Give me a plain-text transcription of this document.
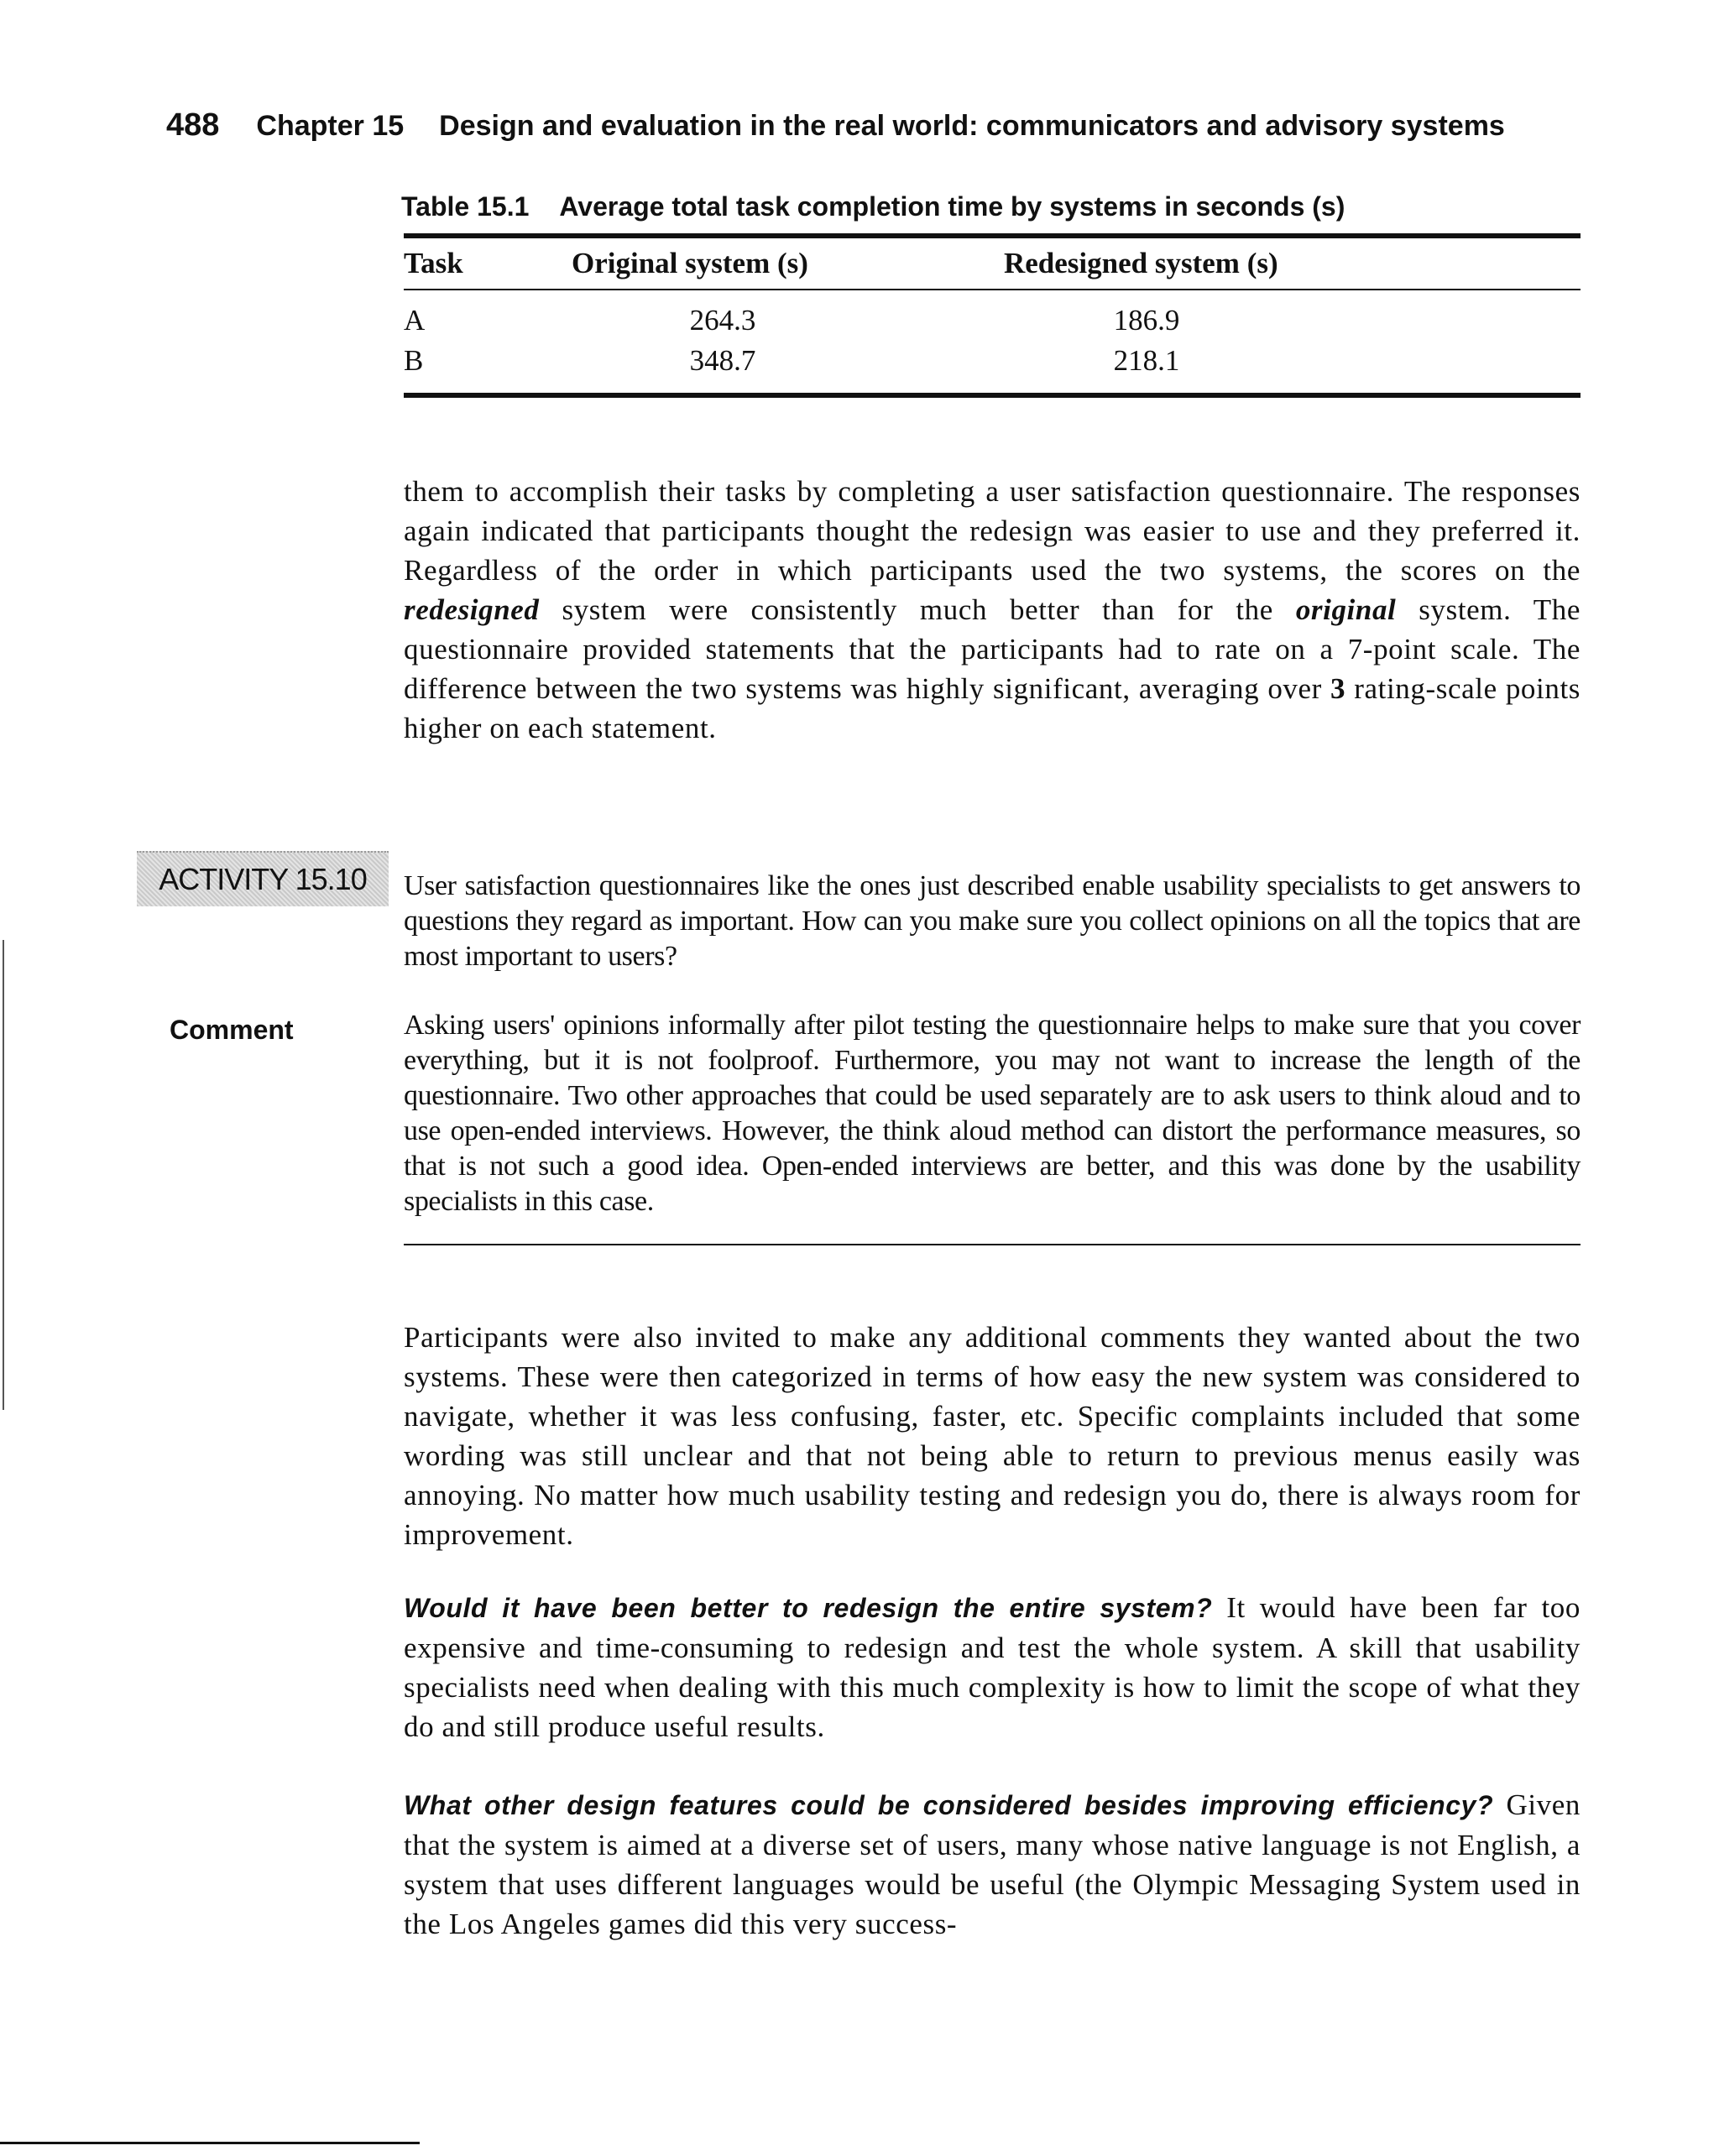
488 Chapter 15 Design and evaluation in the real world: communicators and advisory systems
Table 15.1 Average total task completion time by systems in seconds (s)
Task	Original system (s)	Redesigned system (s)
A	264.3	186.9
B	348.7	218.1
them to accomplish their tasks by completing a user satisfaction questionnaire. The responses again indicated that participants thought the redesign was easier to use and they preferred it. Regardless of the order in which participants used the two systems, the scores on the redesigned system were consistently much better than for the original system. The questionnaire provided statements that the participants had to rate on a 7-point scale. The difference between the two systems was highly significant, averaging over 3 rating-scale points higher on each statement.
ACTIVITY 15.10	User satisfaction questionnaires like the ones just described enable usability specialists to get answers to questions they regard as important. How can you make sure you collect opinions on all the topics that are most important to users?
Comment	Asking users' opinions informally after pilot testing the questionnaire helps to make sure that you cover everything, but it is not foolproof. Furthermore, you may not want to increase the length of the questionnaire. Two other approaches that could be used separately are to ask users to think aloud and to use open-ended interviews. However, the think aloud method can distort the performance measures, so that is not such a good idea. Open-ended interviews are better, and this was done by the usability specialists in this case.
Participants were also invited to make any additional comments they wanted about the two systems. These were then categorized in terms of how easy the new system was considered to navigate, whether it was less confusing, faster, etc. Specific complaints included that some wording was still unclear and that not being able to return to previous menus easily was annoying. No matter how much usability testing and redesign you do, there is always room for improvement.
Would it have been better to redesign the entire system? It would have been far too expensive and time-consuming to redesign and test the whole system. A skill that usability specialists need when dealing with this much complexity is how to limit the scope of what they do and still produce useful results.
What other design features could be considered besides improving efficiency? Given that the system is aimed at a diverse set of users, many whose native language is not English, a system that uses different languages would be useful (the Olympic Messaging System used in the Los Angeles games did this very success-
